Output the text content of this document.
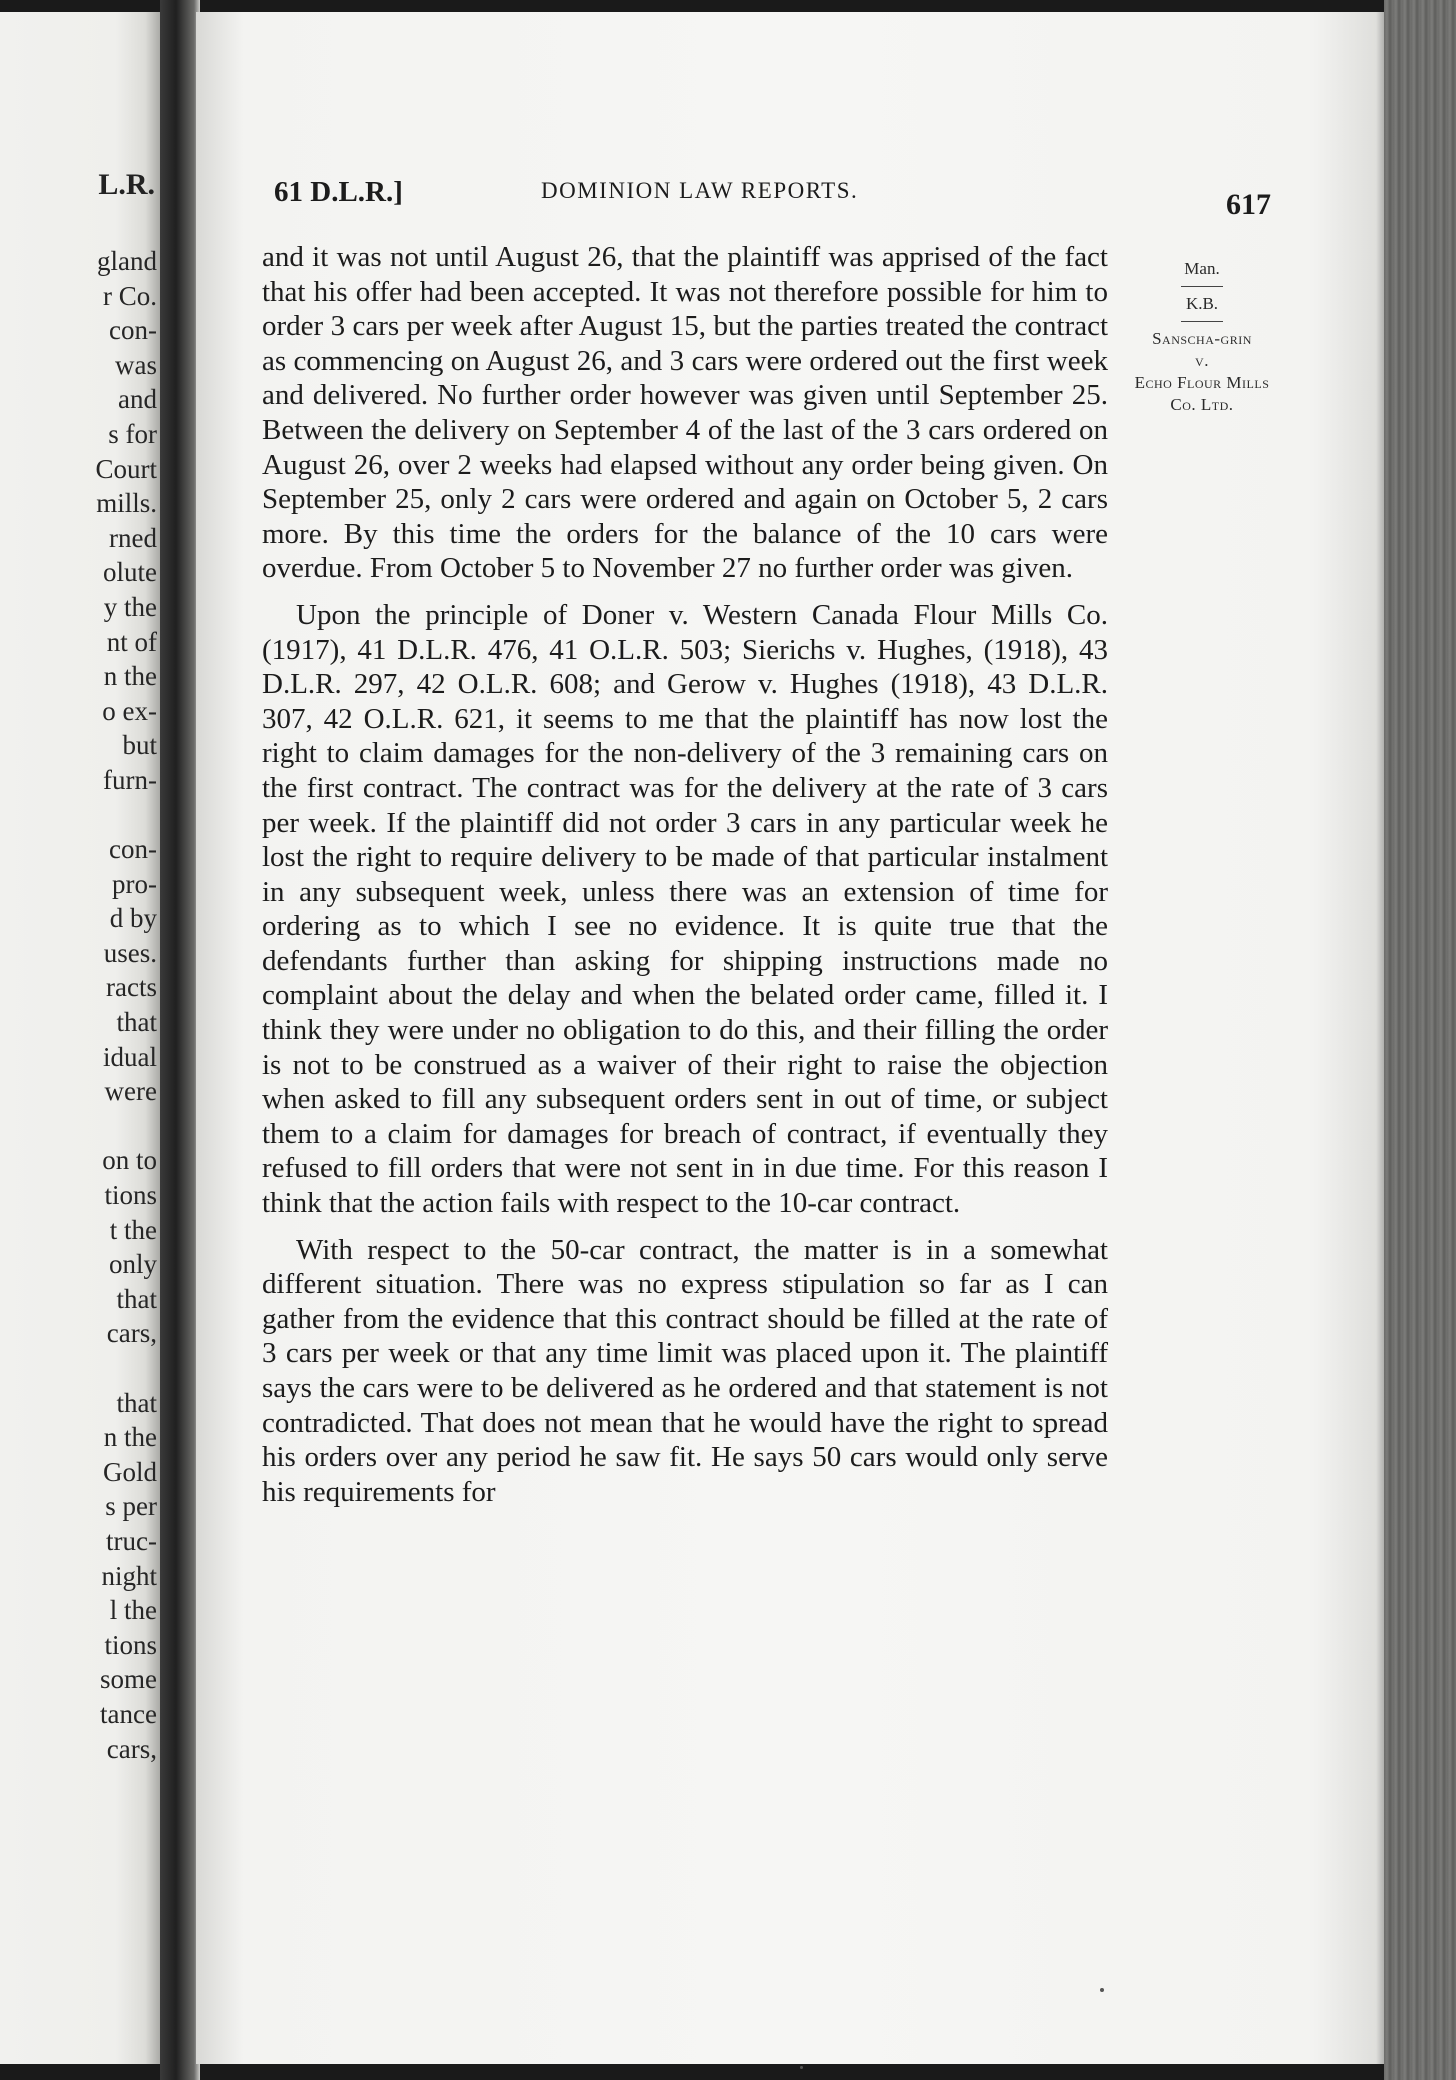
L.R.
gland
r Co.
con-
was
and
s for
Court
mills.
rned
olute
y the
nt of
n the
o ex-
but
furn-

con-
pro-
d by
uses.
racts
that
idual
were

on to
tions
t the
only
that
cars,

that
n the
Gold
s per
truc-
night
l the
tions
some
tance
cars,
61 D.L.R.]	DOMINION LAW REPORTS.	617

and it was not until August 26, that the plaintiff was apprised of the fact that his offer had been accepted. It was not therefore possible for him to order 3 cars per week after August 15, but the parties treated the contract as commencing on August 26, and 3 cars were ordered out the first week and delivered. No further order however was given until September 25. Between the delivery on September 4 of the last of the 3 cars ordered on August 26, over 2 weeks had elapsed without any order being given. On September 25, only 2 cars were ordered and again on October 5, 2 cars more. By this time the orders for the balance of the 10 cars were overdue. From October 5 to November 27 no further order was given.

Upon the principle of Doner v. Western Canada Flour Mills Co. (1917), 41 D.L.R. 476, 41 O.L.R. 503; Sierichs v. Hughes, (1918), 43 D.L.R. 297, 42 O.L.R. 608; and Gerow v. Hughes (1918), 43 D.L.R. 307, 42 O.L.R. 621, it seems to me that the plaintiff has now lost the right to claim damages for the non-delivery of the 3 remaining cars on the first contract. The contract was for the delivery at the rate of 3 cars per week. If the plaintiff did not order 3 cars in any particular week he lost the right to require delivery to be made of that particular instalment in any subsequent week, unless there was an extension of time for ordering as to which I see no evidence. It is quite true that the defendants further than asking for shipping instructions made no complaint about the delay and when the belated order came, filled it. I think they were under no obligation to do this, and their filling the order is not to be construed as a waiver of their right to raise the objection when asked to fill any subsequent orders sent in out of time, or subject them to a claim for damages for breach of contract, if eventually they refused to fill orders that were not sent in in due time. For this reason I think that the action fails with respect to the 10-car contract.

With respect to the 50-car contract, the matter is in a somewhat different situation. There was no express stipulation so far as I can gather from the evidence that this contract should be filled at the rate of 3 cars per week or that any time limit was placed upon it. The plaintiff says the cars were to be delivered as he ordered and that statement is not contradicted. That does not mean that he would have the right to spread his orders over any period he saw fit. He says 50 cars would only serve his requirements for

Man.
K.B.
Sanscha-grin
v.
Echo Flour Mills Co. Ltd.
